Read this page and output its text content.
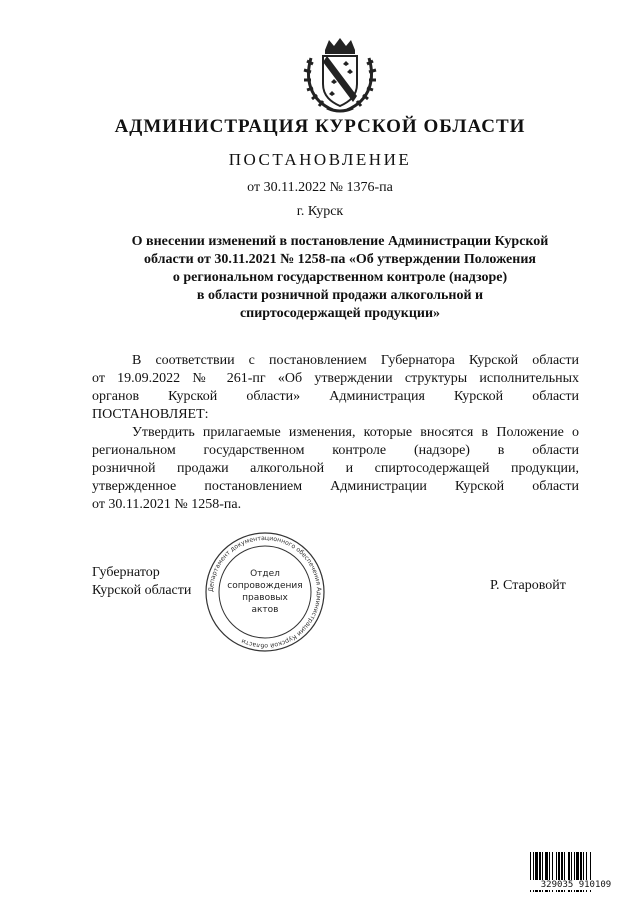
АДМИНИСТРАЦИЯ КУРСКОЙ ОБЛАСТИ
ПОСТАНОВЛЕНИЕ
от 30.11.2022 № 1376-па
г. Курск
О внесении изменений в постановление Администрации Курской
области от 30.11.2021 № 1258-па «Об утверждении Положения
о региональном государственном контроле (надзоре)
в области розничной продажи алкогольной и
спиртосодержащей продукции»
В соответствии с постановлением Губернатора Курской области
от 19.09.2022 № 261-пг «Об утверждении структуры исполнительных
органов Курской области» Администрация Курской области
ПОСТАНОВЛЯЕТ:
Утвердить прилагаемые изменения, которые вносятся в Положение о
региональном государственном контроле (надзоре) в области
розничной продажи алкогольной и спиртосодержащей продукции,
утвержденное постановлением Администрации Курской области
от 30.11.2021 № 1258-па.
Губернатор
Курской области	Р. Старовойт
Департамент документационного обеспечения Администрации Курской области
Отдел
сопровождения
правовых
актов
329035 910109
